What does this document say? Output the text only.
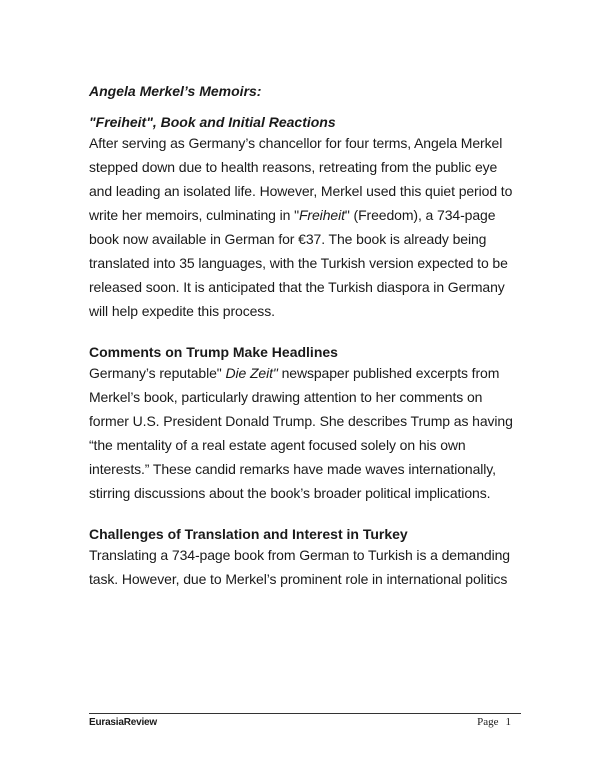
Angela Merkel’s Memoirs:
"Freiheit", Book and Initial Reactions

After serving as Germany’s chancellor for four terms, Angela Merkel stepped down due to health reasons, retreating from the public eye and leading an isolated life. However, Merkel used this quiet period to write her memoirs, culminating in "Freiheit" (Freedom), a 734-page book now available in German for €37. The book is already being translated into 35 languages, with the Turkish version expected to be released soon. It is anticipated that the Turkish diaspora in Germany will help expedite this process.

Comments on Trump Make Headlines

Germany’s reputable" Die Zeit" newspaper published excerpts from Merkel’s book, particularly drawing attention to her comments on former U.S. President Donald Trump. She describes Trump as having “the mentality of a real estate agent focused solely on his own interests.” These candid remarks have made waves internationally, stirring discussions about the book’s broader political implications.

Challenges of Translation and Interest in Turkey

Translating a 734-page book from German to Turkish is a demanding task. However, due to Merkel’s prominent role in international politics

EurasiaReview	Page 1
